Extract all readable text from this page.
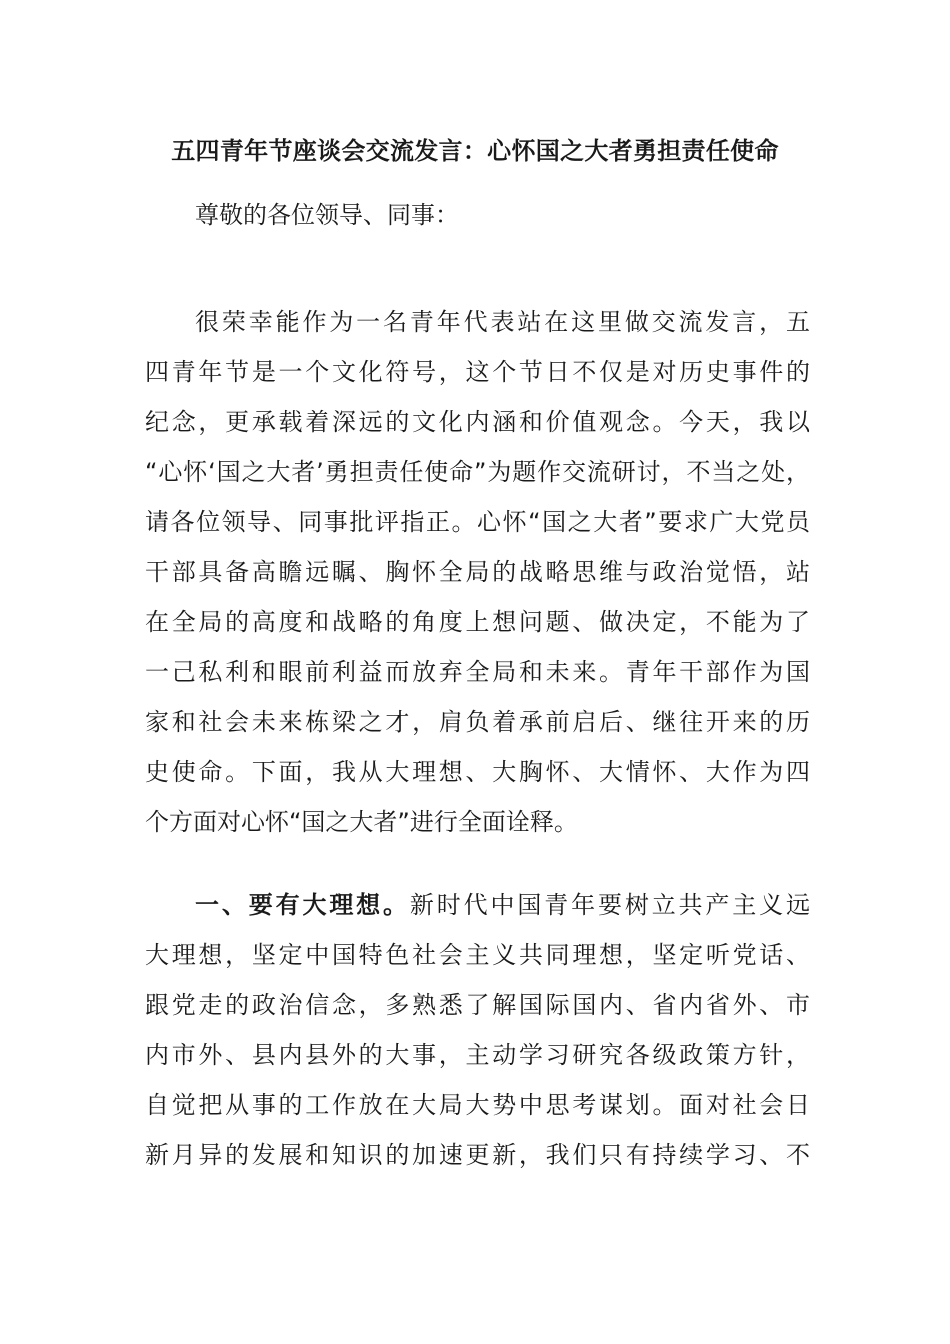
五四青年节座谈会交流发言：心怀国之大者勇担责任使命
尊敬的各位领导、同事：
很荣幸能作为一名青年代表站在这里做交流发言，五
四青年节是一个文化符号，这个节日不仅是对历史事件的
纪念，更承载着深远的文化内涵和价值观念。今天，我以
“心怀‘国之大者’勇担责任使命”为题作交流研讨，不当之处，
请各位领导、同事批评指正。心怀“国之大者”要求广大党员
干部具备高瞻远瞩、胸怀全局的战略思维与政治觉悟，站
在全局的高度和战略的角度上想问题、做决定，不能为了
一己私利和眼前利益而放弃全局和未来。青年干部作为国
家和社会未来栋梁之才，肩负着承前启后、继往开来的历
史使命。下面，我从大理想、大胸怀、大情怀、大作为四
个方面对心怀“国之大者”进行全面诠释。
一、要有大理想。新时代中国青年要树立共产主义远
大理想，坚定中国特色社会主义共同理想，坚定听党话、
跟党走的政治信念，多熟悉了解国际国内、省内省外、市
内市外、县内县外的大事，主动学习研究各级政策方针，
自觉把从事的工作放在大局大势中思考谋划。面对社会日
新月异的发展和知识的加速更新，我们只有持续学习、不
